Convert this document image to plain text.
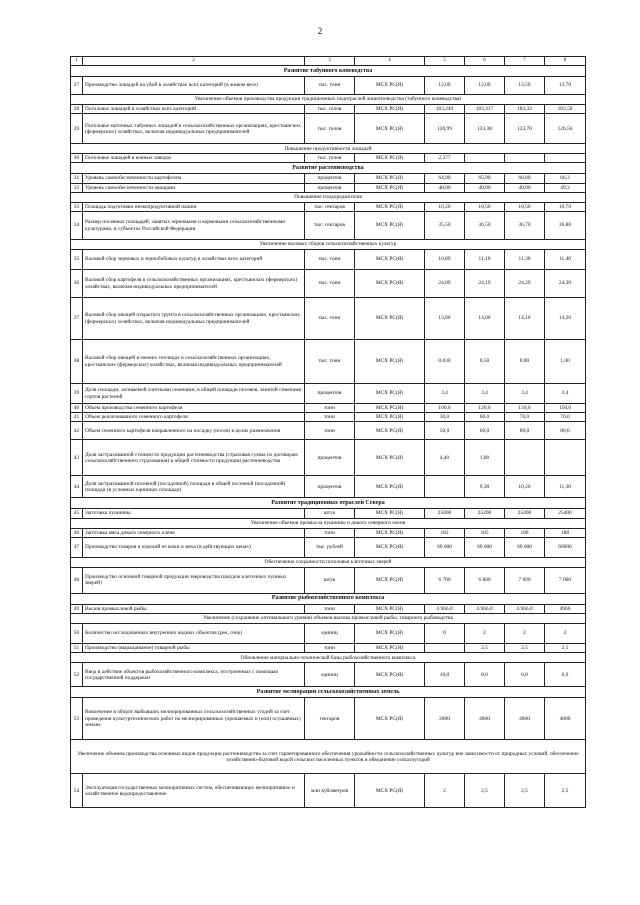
2
1	2	3	4	5	6	7	8
Развитие табунного коневодства							
27	Производство лошадей на убой в хозяйствах всех категорий (в живом весе)	тыс. тонн	МСХ РС(Я)	12,00	12,00	13,50	13,70
Увеличение объемов производства продукции традиционных подотраслей животноводства (табунного коневодства)							
28	Поголовье лошадей в хозяйствах всех категорий	тыс. голов	МСХ РС(Я)	183,249	183,317	183,32	183,50
29	Поголовье маточных табунных лошадей в сельскохозяйственных организациях, крестьянских (фермерских) хозяйствах, включая индивидуальных предпринимателей	тыс. голов	МСХ РС(Я)	120,99	123,38	123,70	126,56
Повышение продуктивности лошадей							
30	Поголовье лошадей в конных заводах	тыс. голов	МСХ РС(Я)	2,377			
Развитие растениеводства							
31	Уровень самообеспеченности картофелем	процентов	МСХ РС(Я)	64,90	65,90	66,00	66,3
32	Уровень самообеспеченности овощами	процентов	МСХ РС(Я)	48,00	49,00	49,00	49,3
Повышение плодородия почв							
33	Площадь подготовки низкопродуктивной пашни	тыс. гектаров	МСХ РС(Я)	10,20	10,50	10,50	10,70
34	Размер посевных площадей, занятых зерновыми и кормовыми сельскохозяйственными культурами, в субъектах Российской Федерации	тыс. гектаров	МСХ РС(Я)	35,50	36,50	36,70	36,80
Увеличение валовых сборов сельскохозяйственных культур							
35	Валовой сбор зерновых и зернобобовых культур в хозяйствах всех категорий	тыс. тонн	МСХ РС(Я)	10,80	11,10	11,30	11,40
36	Валовой сбор картофеля в сельскохозяйственных организациях, крестьянских (фермерских) хозяйствах, включая индивидуальных предпринимателей	тыс. тонн	МСХ РС(Я)	24,00	24,10	24,20	24,30
37	Валовой сбор овощей открытого грунта в сельскохозяйственных организациях, крестьянских (фермерских) хозяйствах, включая индивидуальных предпринимателей	тыс. тонн	МСХ РС(Я)	13,80	14,00	14,10	14,20
38	Валовой сбор овощей в зимних теплицах в сельскохозяйственных организациях, крестьянских (фермерских) хозяйствах, включая индивидуальных предпринимателей	тыс. тонн	МСХ РС(Я)	0,030	0,50	0,80	1,00
39	Доля площади, засеваемой элитными семенами, в общей площади посевов, занятой семенами сортов растений	процентов	МСХ РС(Я)	3,4	3,4	3,4	3,4
40	Объем производства семенного картофеля	тонн	МСХ РС(Я)	100,0	120,0	150,0	150,0
41	Объем реализованного семенного картофеля	тонн	МСХ РС(Я)	30,0	60,0	70,0	70,0
42	Объем семенного картофеля направленного на посадку (посев) в целях размножения	тонн	МСХ РС(Я)	50,0	60,0	80,0	80,0
43	Доля застрахованной стоимости продукции растениеводства (страховая сумма по договорам сельскохозяйственного страхования) в общей стоимости продукции растениеводства	процентов	МСХ РС(Я)	4,40	1,80		
44	Доля застрахованной посевной (посадочной) площади в общей посевной (посадочной) площади (в условных единицах площади)	процентов	МСХ РС(Я)		9,30	10,20	11,30
Развитие традиционных отраслей Севера							
45	Заготовка пушнины	штук	МСХ РС(Я)	25000	25200	25400	25400
Увеличение объемов промысла пушнины и дикого северного оленя							
46	Заготовка мяса дикого северного оленя	тонн	МСХ РС(Я)	182	185	188	188
47	Производство товаров и изделий из кожи и меха (в действующих ценах)	тыс. рублей	МСХ РС(Я)	60 000	60 000	60 000	60000
Обеспечение сохранности поголовья клеточных зверей							
48	Производство основной товарной продукции звероводства (шкурок клеточных пушных зверей)	штук	МСХ РС(Я)	6 700	6 800	7 000	7 000
Развитие рыбохозяйственного комплекса							
49	Вылов промысловой рыбы	тонн	МСХ РС(Я)	4 966,0	4 966,0	4 966,0	4966
Увеличение (сохранение оптимального уровня) объемов вылова промысловой рыбы, товарного рыбоводства							
50	Количество исследованных внутренних водных объектов (рек, озер)	единиц	МСХ РС(Я)	0	2	2	2
51	Производство (выращивание) товарной рыбы	тонн	МСХ РС(Я)		2,5	2,5	2,5
Обновление материально-технической базы рыбохозяйственного комплекса							
52	Ввод в действие объектов рыбохозяйственного комплекса, построенных с помощью государственной поддержки	единиц	МСХ РС(Я)	10,0	8,0	6,0	6,0
Развитие мелиорации сельскохозяйственных земель							
53	Вовлечение в оборот выбывших мелиорированных сельскохозяйственных угодий за счет проведения культуртехнических работ на мелиорированных (орошаемых и (или) осушаемых) землях	гектаров	МСХ РС(Я)	2000	4000	4000	4000
Увеличение объемов производства основных видов продукции растениеводства за счет гарантированного обеспечения урожайности сельскохозяйственных культур вне зависимости от природных условий, обеспечение хозяйственно-бытовой водой сельских населенных пунктов и обводнение сельхозугодий							
54	Эксплуатация государственных мелиоративных систем, обеспечивающих мелиоративное и хозяйственное водопредоставление	млн кубометров	МСХ РС(Я)	2	2,5	2,5	2,5
